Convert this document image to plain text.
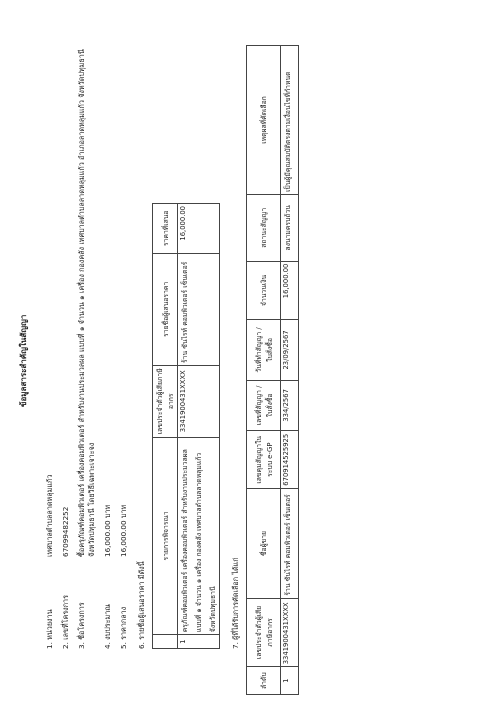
ข้อมูลสาระสำคัญในสัญญา
1. หน่วยงาน
เทศบาลตำบลลาดหลุมแก้ว
2. เลขที่โครงการ
67099482252
3. ชื่อโครงการ
ซื้อครุภัณฑ์คอมพิวเตอร์ เครื่องคอมพิวเตอร์ สำหรับงานประมวลผล แบบที่ ๑ จำนวน ๑ เครื่อง กองคลัง เทศบาลตำบลลาดหลุมแก้ว อำเภอลาดหลุมแก้ว จังหวัดปทุมธานี จังหวัดปทุมธานี โดยวิธีเฉพาะเจาะจง
4. งบประมาณ
16,000.00 บาท
5. ราคากลาง
16,000.00 บาท
6. รายชื่อผู้เสนอราคา มีดังนี้
	รายการพิจารณา	เลขประจำตัวผู้เสียภาษีอากร	รายชื่อผู้เสนอราคา	ราคาที่เสนอ
1	ครุภัณฑ์คอมพิวเตอร์ เครื่องคอมพิวเตอร์ สำหรับงานประมวลผล แบบที่ ๑ จำนวน ๑ เครื่อง กองคลัง เทศบาลตำบลลาดหลุมแก้ว จังหวัดปทุมธานี	3341900431XXXX	ร้าน ซันไรท์ คอมพิวเตอร์ เซ็นเตอร์	16,000.00
7. ผู้ที่ได้รับการคัดเลือก ได้แก่
ลำดับ	เลขประจำตัวผู้เสียภาษีอากร	ชื่อผู้ขาย	เลขคุมสัญญาในระบบ e-GP	เลขที่สัญญา / ใบสั่งซื้อ	วันที่ทำสัญญา / ใบสั่งซื้อ	จำนวนเงิน	สถานะสัญญา	เหตุผลที่คัดเลือก
1	3341900431XXXX	ร้าน ซันไรท์ คอมพิวเตอร์ เซ็นเตอร์	670914525925	334/2567	23/09/2567	16,000.00	ลงนามครบถ้วน	เป็นผู้มีคุณสมบัติตรงตามเงื่อนไขที่กำหนด
